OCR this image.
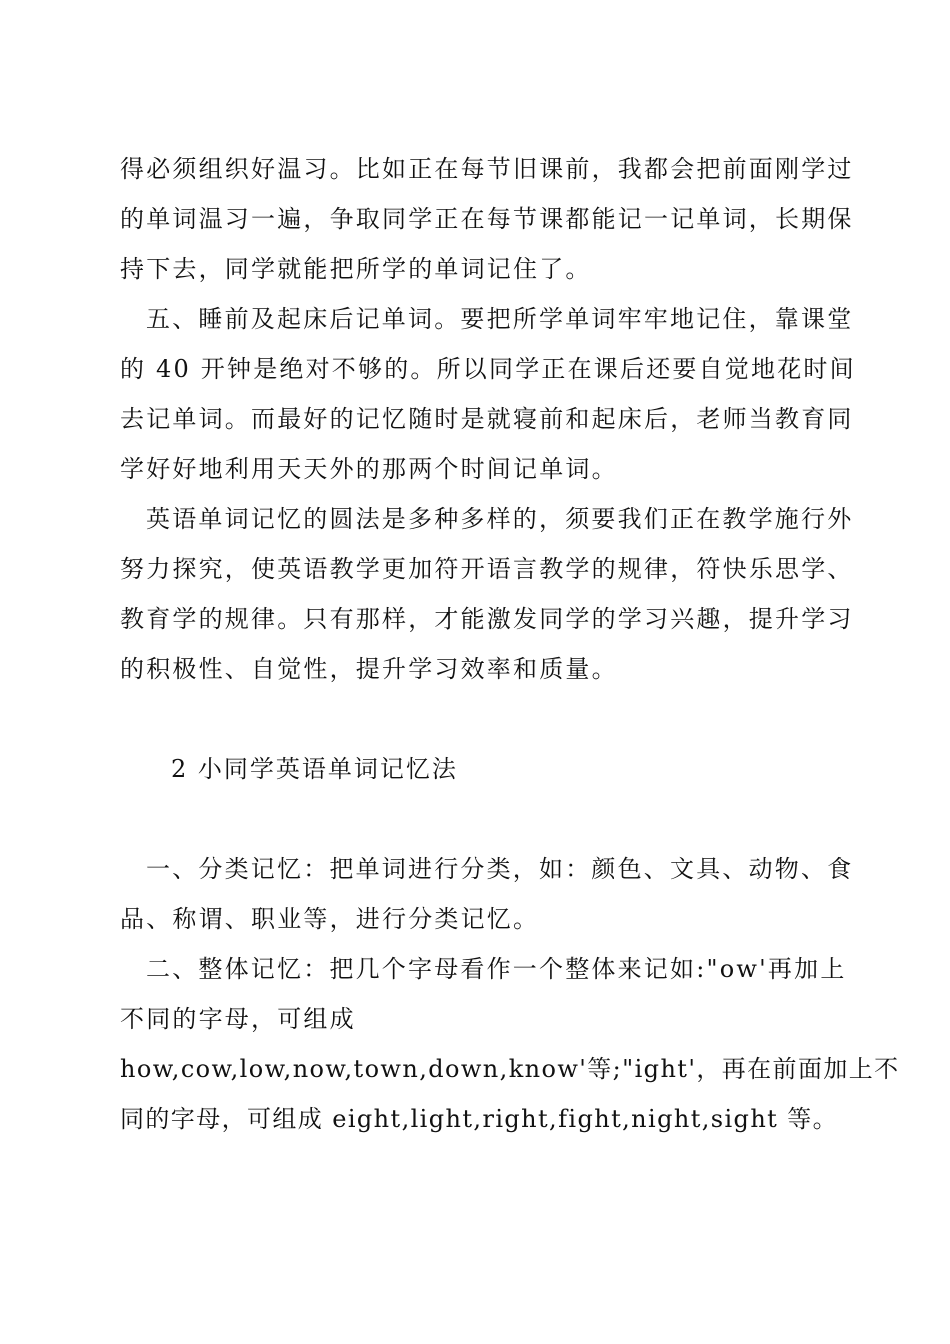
得必须组织好温习。比如正在每节旧课前，我都会把前面刚学过
的单词温习一遍，争取同学正在每节课都能记一记单词，长期保
持下去，同学就能把所学的单词记住了。
五、睡前及起床后记单词。要把所学单词牢牢地记住，靠课堂
的 40 开钟是绝对不够的。所以同学正在课后还要自觉地花时间
去记单词。而最好的记忆随时是就寝前和起床后，老师当教育同
学好好地利用天天外的那两个时间记单词。
英语单词记忆的圆法是多种多样的，须要我们正在教学施行外
努力探究，使英语教学更加符开语言教学的规律，符快乐思学、
教育学的规律。只有那样，才能激发同学的学习兴趣，提升学习
的积极性、自觉性，提升学习效率和质量。
2 小同学英语单词记忆法
一、分类记忆：把单词进行分类，如：颜色、文具、动物、食
品、称谓、职业等，进行分类记忆。
二、整体记忆：把几个字母看作一个整体来记如:"ow'再加上
不同的字母，可组成
how,cow,low,now,town,down,know'等;"ight'，再在前面加上不
同的字母，可组成 eight,light,right,fight,night,sight 等。
